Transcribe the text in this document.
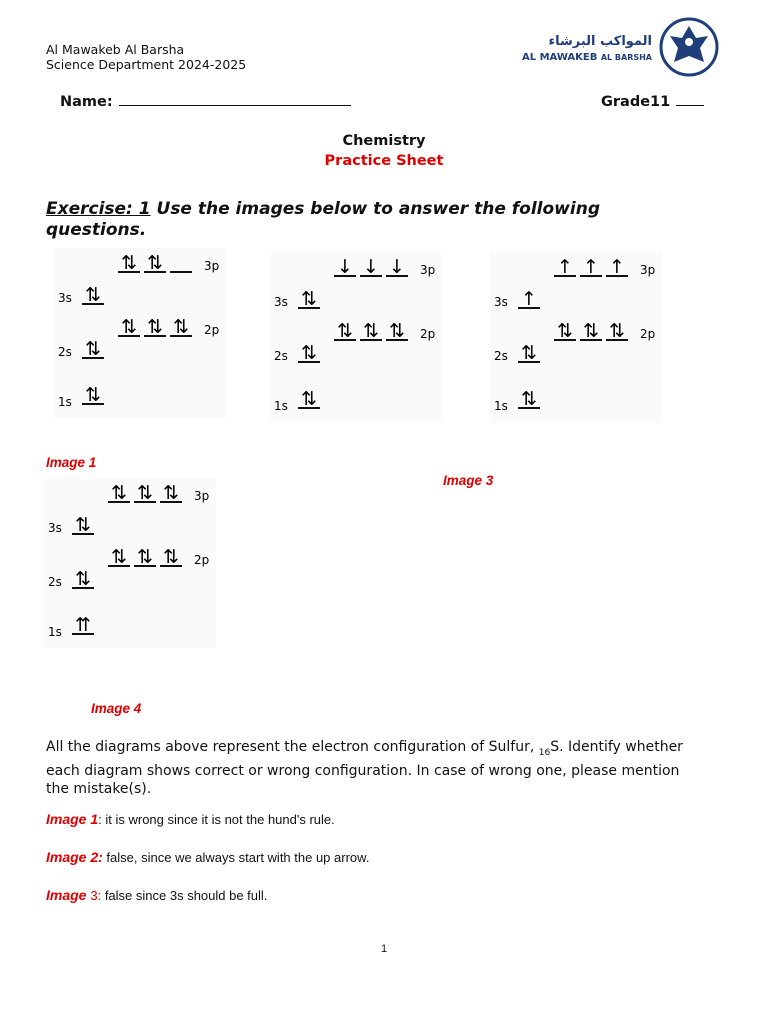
Al Mawakeb Al Barsha
Science Department 2024-2025
المواكب البرشاء
AL MAWAKEB AL BARSHA
Name:	Grade11
Chemistry
Practice Sheet
Exercise: 1 Use the images below to answer the following questions.
⇅ ⇅	3p
⇅
3s
⇅ ⇅ ⇅ 2p
⇅
2s
⇅
1s
↓ ↓ ↓ 3p
⇅
3s
⇅ ⇅ ⇅ 2p
⇅
2s
⇅
1s
↑ ↑ ↑ 3p
↑
3s
⇅ ⇅ ⇅ 2p
⇅
2s
⇅
1s
⇅ ⇅ ⇅ 3p
⇅
3s
⇅ ⇅ ⇅ 2p
⇅
2s
⇈
1s
Image 1
Image 3
Image 4
All the diagrams above represent the electron configuration of Sulfur, $_{16}$S. Identify whether each diagram shows correct or wrong configuration. In case of wrong one, please mention the mistake(s).
Image 1: it is wrong since it is not the hund's rule.
Image 2: false, since we always start with the up arrow.
Image 3: false since 3s should be full.
1
